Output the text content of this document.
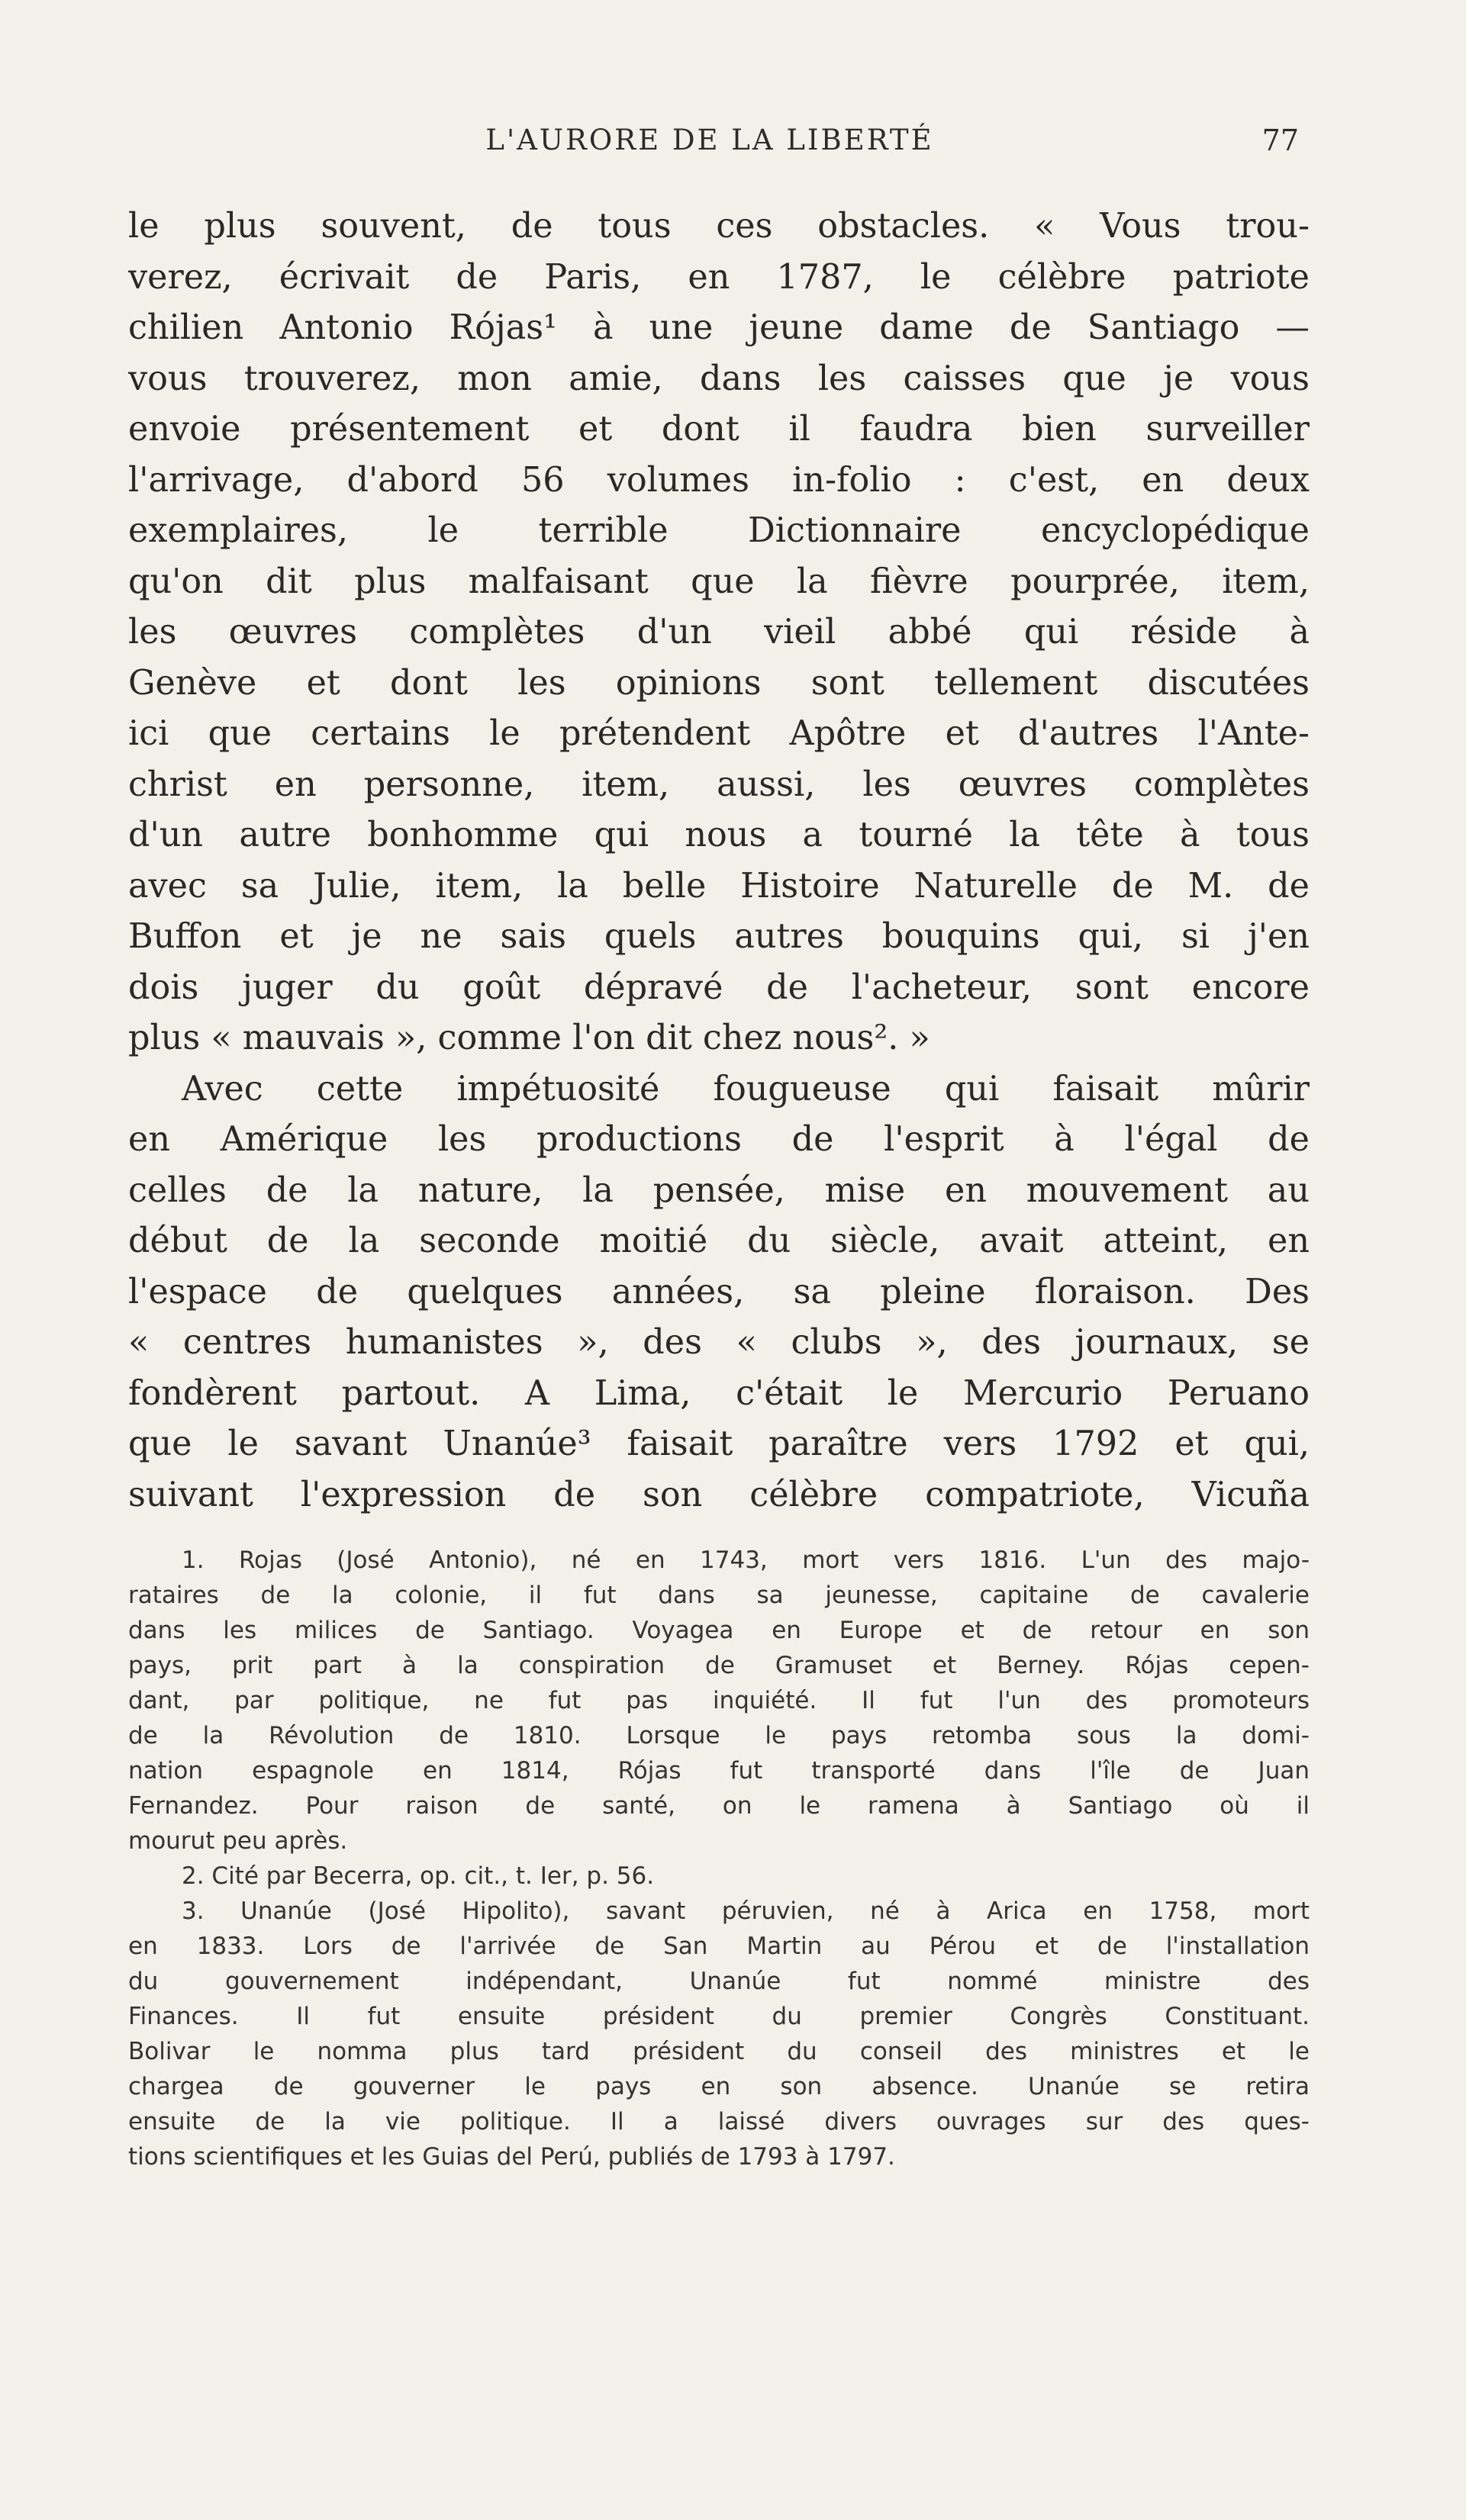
L'AURORE DE LA LIBERTÉ	77
le plus souvent, de tous ces obstacles. « Vous trou-
verez, écrivait de Paris, en 1787, le célèbre patriote
chilien Antonio Rójas¹ à une jeune dame de Santiago —
vous trouverez, mon amie, dans les caisses que je vous
envoie présentement et dont il faudra bien surveiller
l'arrivage, d'abord 56 volumes in-folio : c'est, en deux
exemplaires, le terrible Dictionnaire encyclopédique
qu'on dit plus malfaisant que la fièvre pourprée, item,
les œuvres complètes d'un vieil abbé qui réside à
Genève et dont les opinions sont tellement discutées
ici que certains le prétendent Apôtre et d'autres l'Ante-
christ en personne, item, aussi, les œuvres complètes
d'un autre bonhomme qui nous a tourné la tête à tous
avec sa Julie, item, la belle Histoire Naturelle de M. de
Buffon et je ne sais quels autres bouquins qui, si j'en
dois juger du goût dépravé de l'acheteur, sont encore
plus « mauvais », comme l'on dit chez nous². »
Avec cette impétuosité fougueuse qui faisait mûrir
en Amérique les productions de l'esprit à l'égal de
celles de la nature, la pensée, mise en mouvement au
début de la seconde moitié du siècle, avait atteint, en
l'espace de quelques années, sa pleine floraison. Des
« centres humanistes », des « clubs », des journaux, se
fondèrent partout. A Lima, c'était le Mercurio Peruano
que le savant Unanúe³ faisait paraître vers 1792 et qui,
suivant l'expression de son célèbre compatriote, Vicuña
1. Rojas (José Antonio), né en 1743, mort vers 1816. L'un des majo-
rataires de la colonie, il fut dans sa jeunesse, capitaine de cavalerie
dans les milices de Santiago. Voyagea en Europe et de retour en son
pays, prit part à la conspiration de Gramuset et Berney. Rójas cepen-
dant, par politique, ne fut pas inquiété. Il fut l'un des promoteurs
de la Révolution de 1810. Lorsque le pays retomba sous la domi-
nation espagnole en 1814, Rójas fut transporté dans l'île de Juan
Fernandez. Pour raison de santé, on le ramena à Santiago où il
mourut peu après.
2. Cité par Becerra, op. cit., t. Ier, p. 56.
3. Unanúe (José Hipolito), savant péruvien, né à Arica en 1758, mort
en 1833. Lors de l'arrivée de San Martin au Pérou et de l'installation
du gouvernement indépendant, Unanúe fut nommé ministre des
Finances. Il fut ensuite président du premier Congrès Constituant.
Bolivar le nomma plus tard président du conseil des ministres et le
chargea de gouverner le pays en son absence. Unanúe se retira
ensuite de la vie politique. Il a laissé divers ouvrages sur des ques-
tions scientifiques et les Guias del Perú, publiés de 1793 à 1797.
